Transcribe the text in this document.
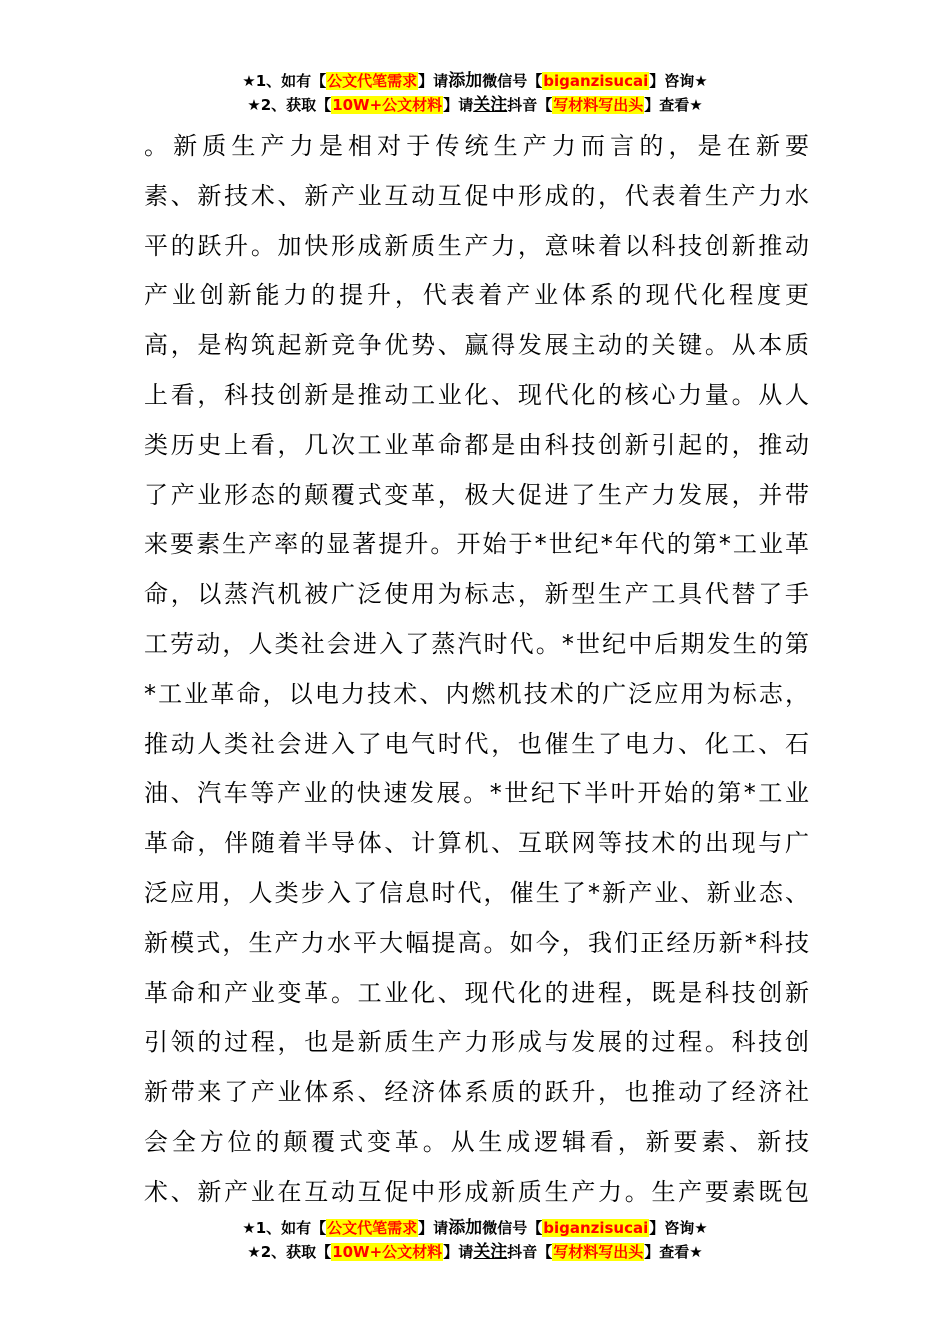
★1、如有【公文代笔需求】请添加微信号【biganzisucai】咨询★
★2、获取【10W+公文材料】请关注抖音【写材料写出头】查看★
。新质生产力是相对于传统生产力而言的，是在新要
素、新技术、新产业互动互促中形成的，代表着生产力水
平的跃升。加快形成新质生产力，意味着以科技创新推动
产业创新能力的提升，代表着产业体系的现代化程度更
高，是构筑起新竞争优势、赢得发展主动的关键。从本质
上看，科技创新是推动工业化、现代化的核心力量。从人
类历史上看，几次工业革命都是由科技创新引起的，推动
了产业形态的颠覆式变革，极大促进了生产力发展，并带
来要素生产率的显著提升。开始于*世纪*年代的第*工业革
命，以蒸汽机被广泛使用为标志，新型生产工具代替了手
工劳动，人类社会进入了蒸汽时代。*世纪中后期发生的第
*工业革命，以电力技术、内燃机技术的广泛应用为标志，
推动人类社会进入了电气时代，也催生了电力、化工、石
油、汽车等产业的快速发展。*世纪下半叶开始的第*工业
革命，伴随着半导体、计算机、互联网等技术的出现与广
泛应用，人类步入了信息时代，催生了*新产业、新业态、
新模式，生产力水平大幅提高。如今，我们正经历新*科技
革命和产业变革。工业化、现代化的进程，既是科技创新
引领的过程，也是新质生产力形成与发展的过程。科技创
新带来了产业体系、经济体系质的跃升，也推动了经济社
会全方位的颠覆式变革。从生成逻辑看，新要素、新技
术、新产业在互动互促中形成新质生产力。生产要素既包
★1、如有【公文代笔需求】请添加微信号【biganzisucai】咨询★
★2、获取【10W+公文材料】请关注抖音【写材料写出头】查看★
